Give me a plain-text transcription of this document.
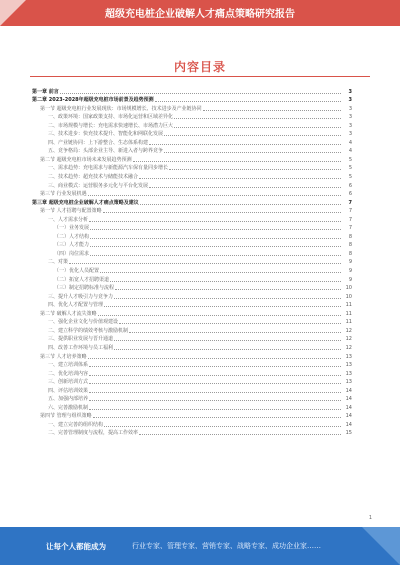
超级充电桩企业破解人才痛点策略研究报告
内容目录
第一章 前言	3
第二章 2023-2028年超级充电桩市场前景及趋势预测	3
第一节 超级充电桩行业发展现状：市场规模增长、技术进步及产业链协同	3
一、政策环境：国家政策支持、市场化运营和区域差异化	3
二、市场规模与增长：充电需求快速增长、市场潜力巨大	3
三、技术进步：快充技术提升、智能化和网联化发展	3
四、产业链协同：上下游整合、生态体系构建	4
五、竞争格局：头部企业主导、新进入者与跨界竞争	4
第二节 超级充电桩市场未来发展趋势预测	5
一、需求趋势：充电需求与新能源汽车保有量同步增长	5
二、技术趋势：超充技术与储能技术融合	5
三、商业模式：运营服务多元化与平台化发展	6
第三节 行业发展机遇	6
第三章 超级充电桩企业破解人才痛点策略及建议	7
第一节 人才招聘与配置策略	7
一、人才需求分析	7
（一）业务发展	7
（二）人才结构	8
（三）人才能力	8
（四）岗位需求	8
二、对策	9
（一）优化人员配置	9
（二）拓宽人才招聘渠道	9
（三）制定招聘标准与流程	10
三、提升人才吸引力与竞争力	10
四、优化人才配置与管理	11
第二节 破解人才流失策略	11
一、强化企业文化与价值观建设	11
二、建立科学的绩效考核与激励机制	12
三、提供职业发展与晋升通道	12
四、改善工作环境与员工福利	12
第三节 人才培养策略	13
一、建立培训体系	13
二、优化培训内容	13
三、创新培训方式	13
四、评估培训效果	14
五、加强内部培养	14
六、完善激励机制	14
第四节 管理与组织策略	14
一、建立完善的组织结构	14
二、完善管理制度与流程，提高工作效率	15
1
让每个人都能成为	行业专家、管理专家、营销专家、战略专家、成功企业家……
